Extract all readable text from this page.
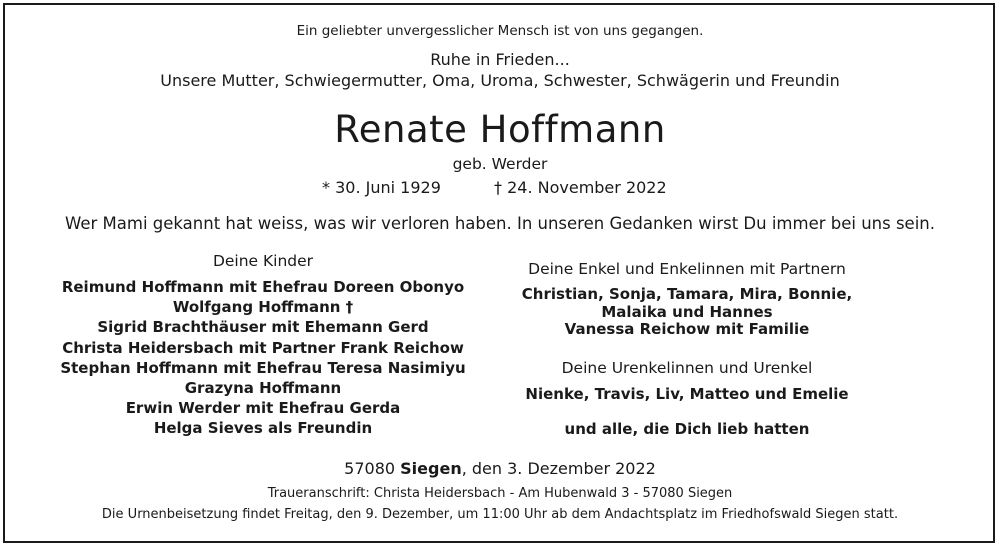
Ein geliebter unvergesslicher Mensch ist von uns gegangen.
Ruhe in Frieden...
Unsere Mutter, Schwiegermutter, Oma, Uroma, Schwester, Schwägerin und Freundin
Renate Hoffmann
geb. Werder
* 30. Juni 1929	† 24. November 2022
Wer Mami gekannt hat weiss, was wir verloren haben. In unseren Gedanken wirst Du immer bei uns sein.
Deine Kinder
Reimund Hoffmann mit Ehefrau Doreen Obonyo
Wolfgang Hoffmann †
Sigrid Brachthäuser mit Ehemann Gerd
Christa Heidersbach mit Partner Frank Reichow
Stephan Hoffmann mit Ehefrau Teresa Nasimiyu
Grazyna Hoffmann
Erwin Werder mit Ehefrau Gerda
Helga Sieves als Freundin
Deine Enkel und Enkelinnen mit Partnern
Christian, Sonja, Tamara, Mira, Bonnie,
Malaika und Hannes
Vanessa Reichow mit Familie
Deine Urenkelinnen und Urenkel
Nienke, Travis, Liv, Matteo und Emelie
und alle, die Dich lieb hatten
57080 Siegen, den 3. Dezember 2022
Traueranschrift: Christa Heidersbach - Am Hubenwald 3 - 57080 Siegen
Die Urnenbeisetzung findet Freitag, den 9. Dezember, um 11:00 Uhr ab dem Andachtsplatz im Friedhofswald Siegen statt.
